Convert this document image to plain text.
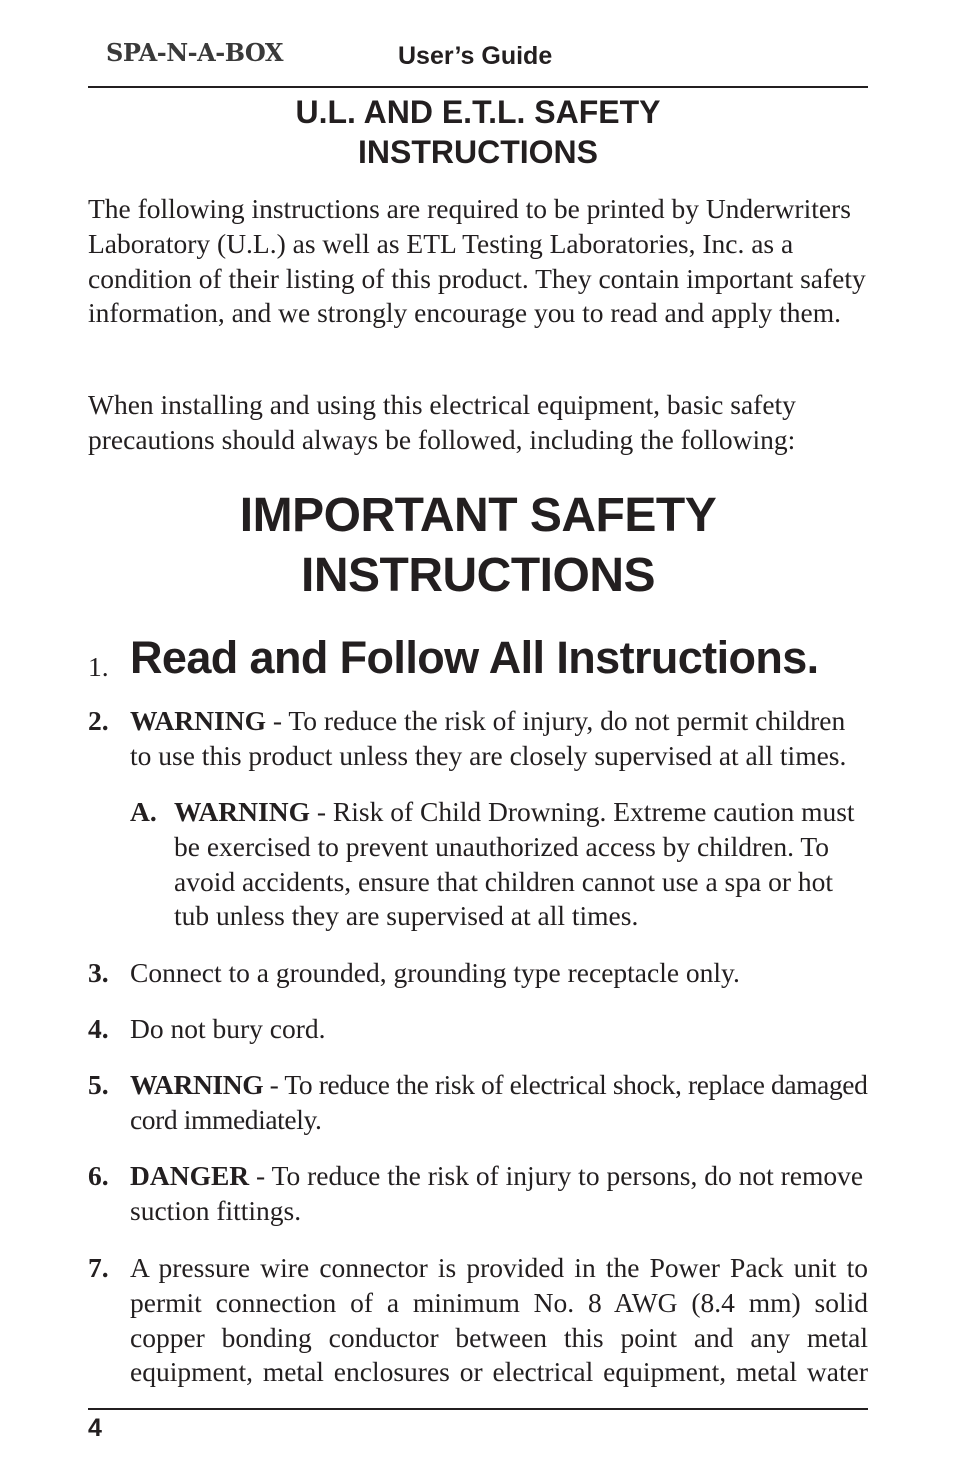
SPA-N-A-BOX	User’s Guide
U.L. AND E.T.L. SAFETY
INSTRUCTIONS
The following instructions are required to be printed by Underwriters Laboratory (U.L.) as well as ETL Testing Laboratories, Inc. as a condition of their listing of this product. They contain important safety information, and we strongly encourage you to read and apply them.
When installing and using this electrical equipment, basic safety precautions should always be followed, including the following:
IMPORTANT SAFETY
INSTRUCTIONS
1. Read and Follow All Instructions.
2. WARNING - To reduce the risk of injury, do not permit children to use this product unless they are closely supervised at all times.
A. WARNING - Risk of Child Drowning. Extreme caution must be exercised to prevent unauthorized access by children. To avoid accidents, ensure that children cannot use a spa or hot tub unless they are supervised at all times.
3. Connect to a grounded, grounding type receptacle only.
4. Do not bury cord.
5. WARNING - To reduce the risk of electrical shock, replace damaged cord immediately.
6. DANGER - To reduce the risk of injury to persons, do not remove suction fittings.
7. A pressure wire connector is provided in the Power Pack unit to permit connection of a minimum No. 8 AWG (8.4 mm) solid copper bonding conductor between this point and any metal equipment, metal enclosures or electrical equipment, metal water
4
